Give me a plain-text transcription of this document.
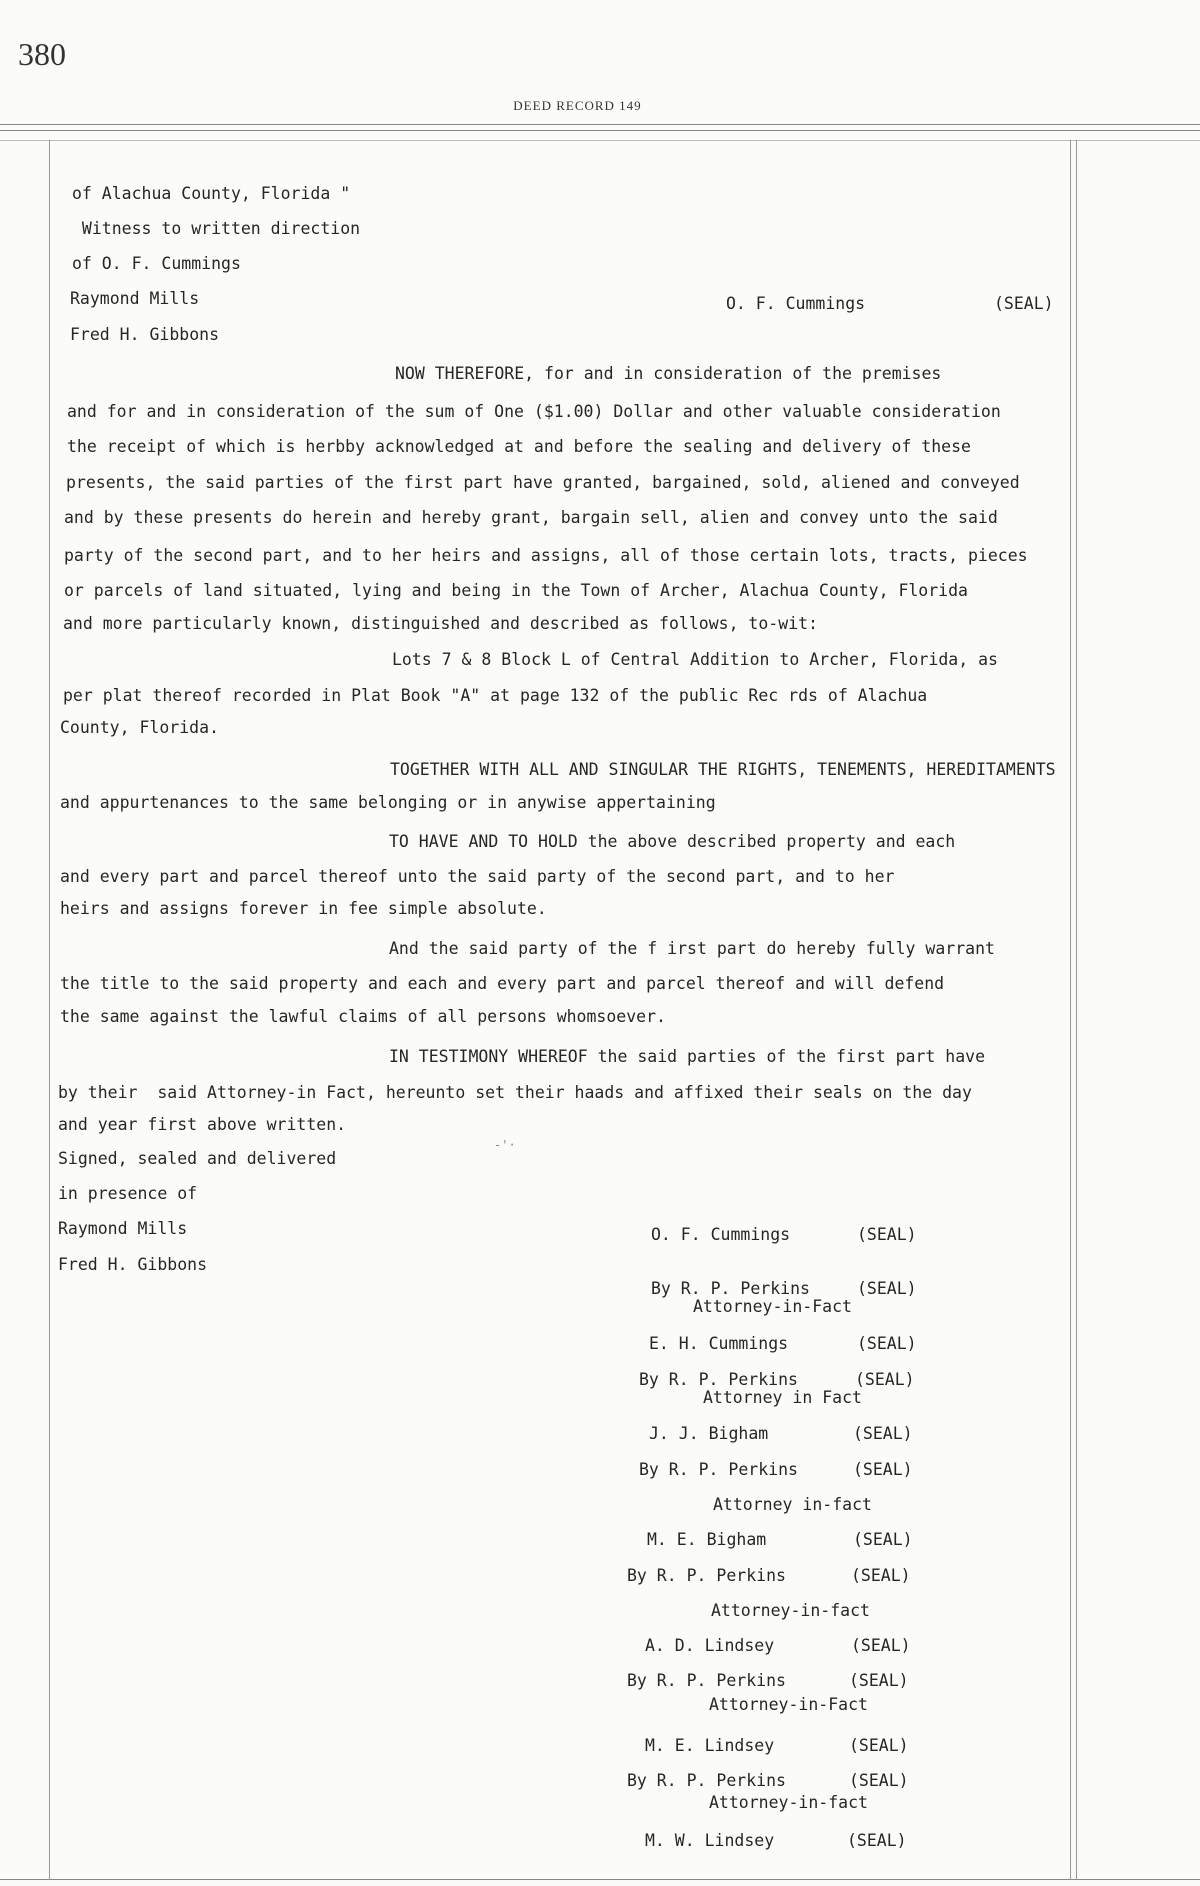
380
DEED RECORD 149
of Alachua County, Florida "
Witness to written direction
of O. F. Cummings
Raymond Mills
Fred H. Gibbons
O. F. Cummings	(SEAL)
NOW THEREFORE, for and in consideration of the premises
and for and in consideration of the sum of One ($1.00) Dollar and other valuable consideration
the receipt of which is herbby acknowledged at and before the sealing and delivery of these
presents, the said parties of the first part have granted, bargained, sold, aliened and conveyed
and by these presents do herein and hereby grant, bargain sell, alien and convey unto the said
party of the second part, and to her heirs and assigns, all of those certain lots, tracts, pieces
or parcels of land situated, lying and being in the Town of Archer, Alachua County, Florida
and more particularly known, distinguished and described as follows, to-wit:
Lots 7 & 8 Block L of Central Addition to Archer, Florida, as
per plat thereof recorded in Plat Book "A" at page 132 of the public Rec rds of Alachua
County, Florida.
TOGETHER WITH ALL AND SINGULAR THE RIGHTS, TENEMENTS, HEREDITAMENTS
and appurtenances to the same belonging or in anywise appertaining
TO HAVE AND TO HOLD the above described property and each
and every part and parcel thereof unto the said party of the second part, and to her
heirs and assigns forever in fee simple absolute.
And the said party of the f irst part do hereby fully warrant
the title to the said property and each and every part and parcel thereof and will defend
the same against the lawful claims of all persons whomsoever.
IN TESTIMONY WHEREOF the said parties of the first part have
by their  said Attorney-in Fact, hereunto set their haads and affixed their seals on the day
and year first above written.
Signed, sealed and delivered
in presence of
Raymond Mills
Fred H. Gibbons
-'·
O. F. Cummings	(SEAL)
By R. P. Perkins	(SEAL)
Attorney-in-Fact
E. H. Cummings	(SEAL)
By R. P. Perkins	(SEAL)
Attorney in Fact
J. J. Bigham	(SEAL)
By R. P. Perkins	(SEAL)
Attorney in-fact
M. E. Bigham	(SEAL)
By R. P. Perkins	(SEAL)
Attorney-in-fact
A. D. Lindsey	(SEAL)
By R. P. Perkins	(SEAL)
Attorney-in-Fact
M. E. Lindsey	(SEAL)
By R. P. Perkins	(SEAL)
Attorney-in-fact
M. W. Lindsey	(SEAL)
